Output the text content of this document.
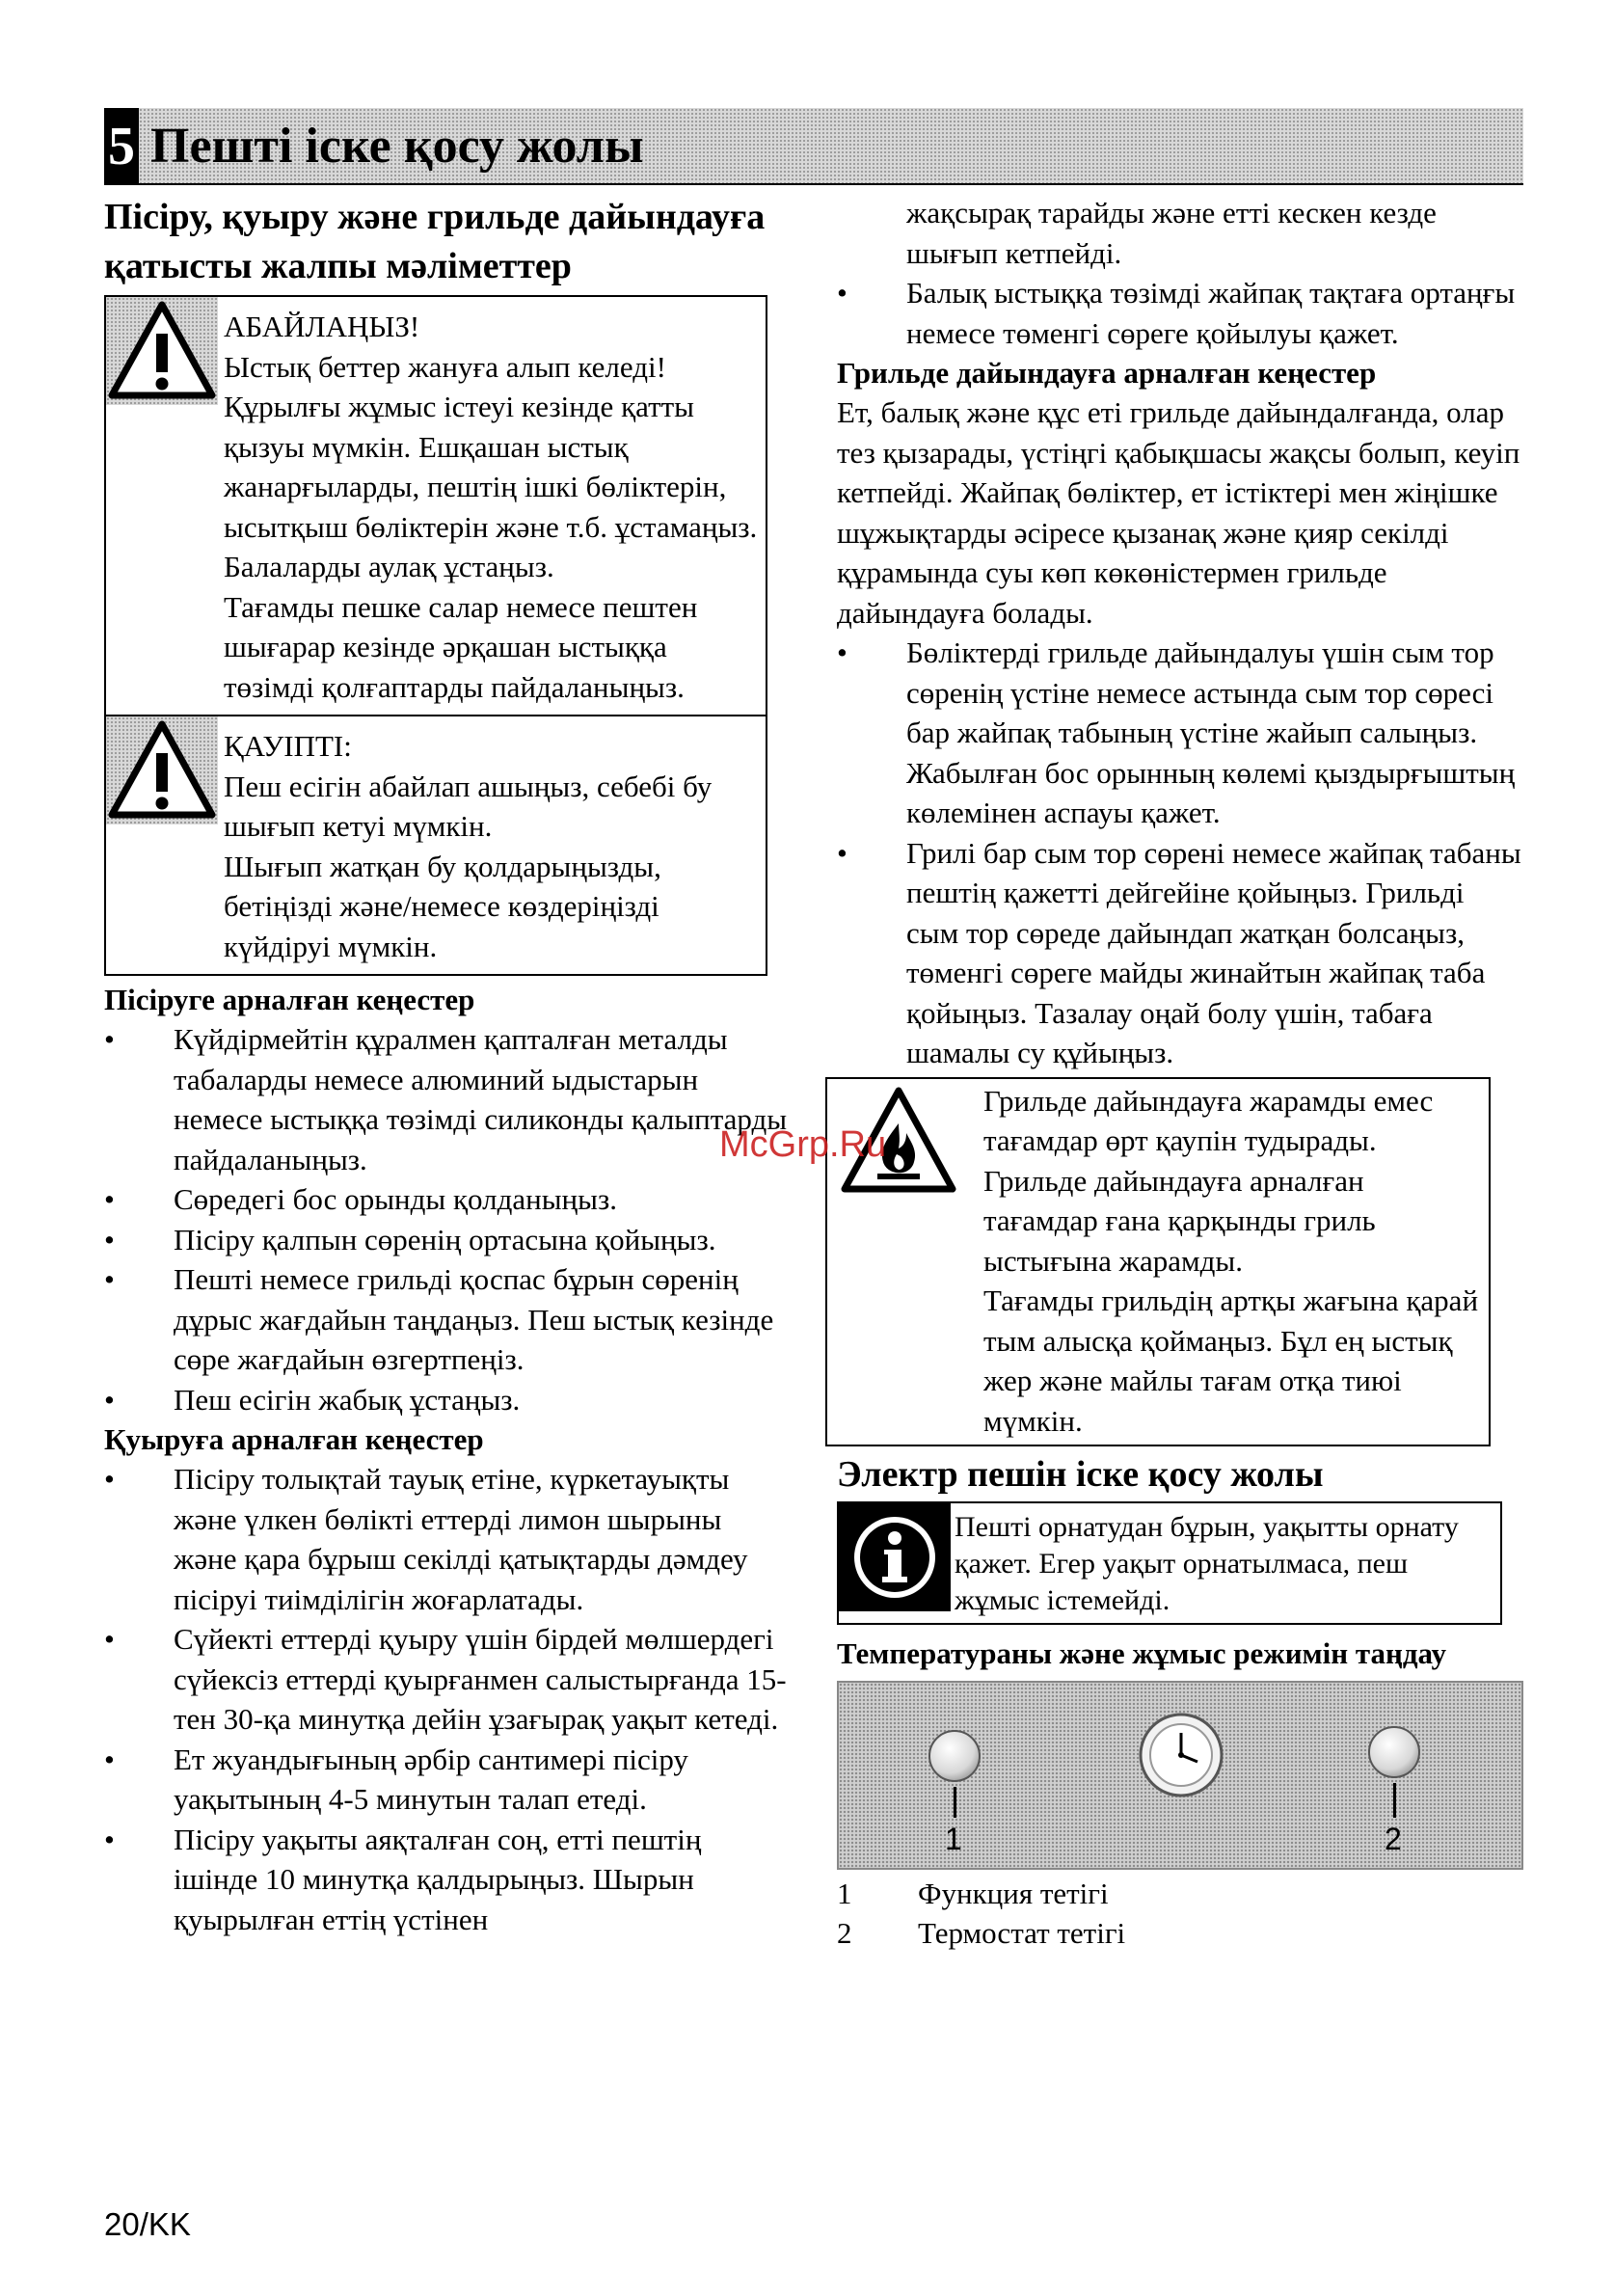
5 Пешті іске қосу жолы
Пісіру, қуыру және грильде дайындауға қатысты жалпы мәліметтер

АБАЙЛАҢЫЗ!

Ыстық беттер жануға алып келеді!

Құрылғы жұмыс істеуі кезінде қатты қызуы мүмкін. Ешқашан ыстық жанарғыларды, пештің ішкі бөліктерін, ысытқыш бөліктерін және т.б. ұстамаңыз. Балаларды аулақ ұстаңыз.

Тағамды пешке салар немесе пештен шығарар кезінде әрқашан ыстыққа төзімді қолғаптарды пайдаланыңыз.

ҚАУІПТІ:

Пеш есігін абайлап ашыңыз, себебі бу шығып кетуі мүмкін.

Шығып жатқан бу қолдарыңызды, бетіңізді және/немесе көздеріңізді күйдіруі мүмкін.

Пісіруге арналған кеңестер
• Күйдірмейтін құралмен қапталған металды табаларды немесе алюминий ыдыстарын немесе ыстыққа төзімді силиконды қалыптарды пайдаланыңыз.
• Сөредегі бос орынды қолданыңыз.
• Пісіру қалпын сөренің ортасына қойыңыз.
• Пешті немесе грильді қоспас бұрын сөренің дұрыс жағдайын таңдаңыз. Пеш ыстық кезінде сөре жағдайын өзгертпеңіз.
• Пеш есігін жабық ұстаңыз.
Қуыруға арналған кеңестер
• Пісіру толықтай тауық етіне, күркетауықты және үлкен бөлікті еттерді лимон шырыны және қара бұрыш секілді қатықтарды дәмдеу пісіруі тиімділігін жоғарлатады.
• Сүйекті еттерді қуыру үшін бірдей мөлшердегі сүйексіз еттерді қуырғанмен салыстырғанда 15-тен 30-қа минутқа дейін ұзағырақ уақыт кетеді.
• Ет жуандығының әрбір сантимері пісіру уақытының 4-5 минутын талап етеді.
• Пісіру уақыты аяқталған соң, етті пештің ішінде 10 минутқа қалдырыңыз. Шырын қуырылған еттің үстінен

жақсырақ тарайды және етті кескен кезде шығып кетпейді.

• Балық ыстыққа төзімді жайпақ тақтаға ортаңғы немесе төменгі сөреге қойылуы қажет.
Грильде дайындауға арналған кеңестер

Ет, балық және құс еті грильде дайындалғанда, олар тез қызарады, үстіңгі қабықшасы жақсы болып, кеуіп кетпейді. Жайпақ бөліктер, ет істіктері мен жіңішке шұжықтарды әсіресе қызанақ және қияр секілді құрамында суы көп көкөністермен грильде дайындауға болады.

• Бөліктерді грильде дайындалуы үшін сым тор сөренің үстіне немесе астында сым тор сөресі бар жайпақ табының үстіне жайып салыңыз. Жабылған бос орынның көлемі қыздырғыштың көлемінен аспауы қажет.
• Грилі бар сым тор сөрені немесе жайпақ табаны пештің қажетті дейгейіне қойыңыз. Грильді сым тор сөреде дайындап жатқан болсаңыз, төменгі сөреге майды жинайтын жайпақ таба қойыңыз. Тазалау оңай болу үшін, табаға шамалы су құйыңыз.

Грильде дайындауға жарамды емес тағамдар өрт қаупін тудырады. Грильде дайындауға арналған тағамдар ғана қарқынды гриль ыстығына жарамды.

Тағамды грильдің артқы жағына қарай тым алысқа қоймаңыз. Бұл ең ыстық жер және майлы тағам отқа тиюі мүмкін.

Электр пешін іске қосу жолы

Пешті орнатудан бұрын, уақытты орнату қажет. Егер уақыт орнатылмаса, пеш жұмыс істемейді.

Температураны және жұмыс режимін таңдау
1	2
1	Функция тетігі
2	Термостат тетігі
McGrp.Ru
20/KK
